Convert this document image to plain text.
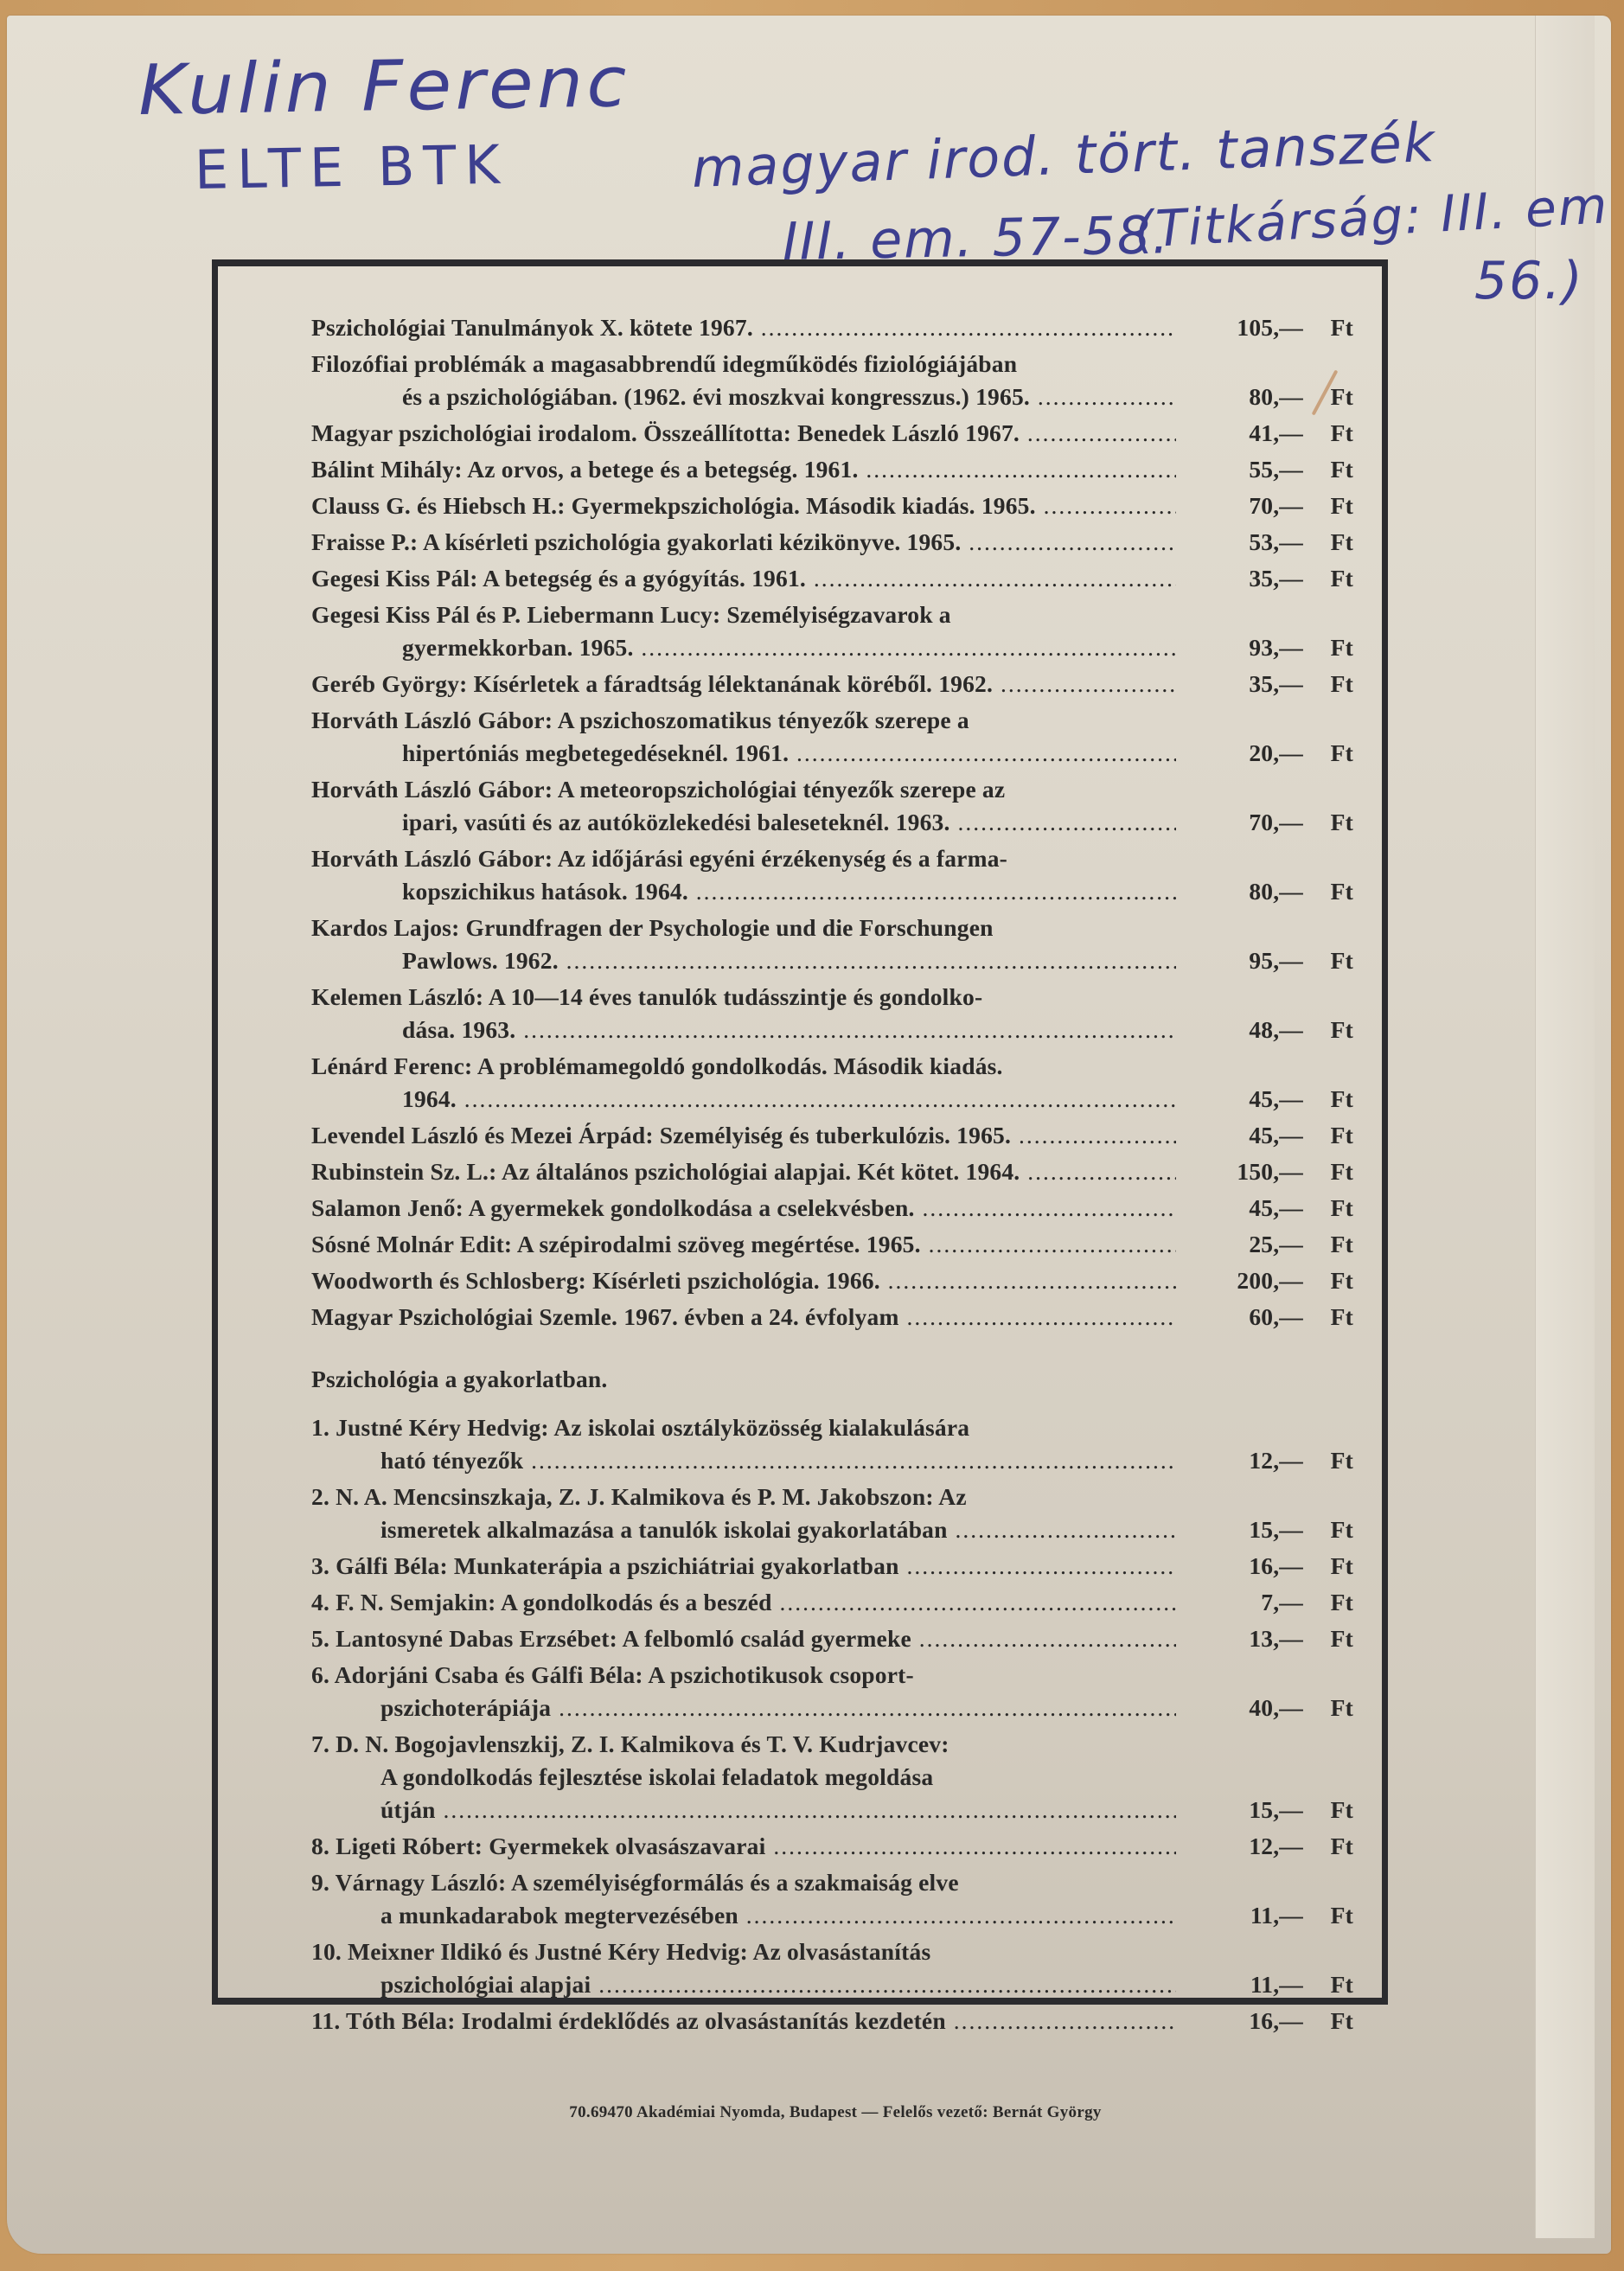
Kulin Ferenc
ELTE BTK	magyar irod. tört. tanszék
III. em. 57-58.
(Titkárság: III. em
56.)
Pszichológiai Tanulmányok X. kötete 1967. .....	105,—	Ft
Filozófiai problémák a magasabbrendű idegműködés fiziológiájában
és a pszichológiában. (1962. évi moszkvai kongresszus.) 1965. .....	80,—	Ft
Magyar pszichológiai irodalom. Összeállította: Benedek László 1967. .....	41,—	Ft
Bálint Mihály: Az orvos, a betege és a betegség. 1961. .....	55,—	Ft
Clauss G. és Hiebsch H.: Gyermekpszichológia. Második kiadás. 1965. .....	70,—	Ft
Fraisse P.: A kísérleti pszichológia gyakorlati kézikönyve. 1965. .....	53,—	Ft
Gegesi Kiss Pál: A betegség és a gyógyítás. 1961. .....	35,—	Ft
Gegesi Kiss Pál és P. Liebermann Lucy: Személyiségzavarok a
gyermekkorban. 1965. .....	93,—	Ft
Geréb György: Kísérletek a fáradtság lélektanának köréből. 1962. .....	35,—	Ft
Horváth László Gábor: A pszichoszomatikus tényezők szerepe a
hipertóniás megbetegedéseknél. 1961. .....	20,—	Ft
Horváth László Gábor: A meteoropszichológiai tényezők szerepe az
ipari, vasúti és az autóközlekedési baleseteknél. 1963. .....	70,—	Ft
Horváth László Gábor: Az időjárási egyéni érzékenység és a farma-
kopszichikus hatások. 1964. .....	80,—	Ft
Kardos Lajos: Grundfragen der Psychologie und die Forschungen
Pawlows. 1962. .....	95,—	Ft
Kelemen László: A 10—14 éves tanulók tudásszintje és gondolko-
dása. 1963. .....	48,—	Ft
Lénárd Ferenc: A problémamegoldó gondolkodás. Második kiadás.
1964. .....	45,—	Ft
Levendel László és Mezei Árpád: Személyiség és tuberkulózis. 1965. .....	45,—	Ft
Rubinstein Sz. L.: Az általános pszichológiai alapjai. Két kötet. 1964. .....	150,—	Ft
Salamon Jenő: A gyermekek gondolkodása a cselekvésben. .....	45,—	Ft
Sósné Molnár Edit: A szépirodalmi szöveg megértése. 1965. .....	25,—	Ft
Woodworth és Schlosberg: Kísérleti pszichológia. 1966. .....	200,—	Ft
Magyar Pszichológiai Szemle. 1967. évben a 24. évfolyam .....	60,—	Ft
Pszichológia a gyakorlatban.
1. Justné Kéry Hedvig: Az iskolai osztályközösség kialakulására
ható tényezők .....	12,—	Ft
2. N. A. Mencsinszkaja, Z. J. Kalmikova és P. M. Jakobszon: Az
ismeretek alkalmazása a tanulók iskolai gyakorlatában .....	15,—	Ft
3. Gálfi Béla: Munkaterápia a pszichiátriai gyakorlatban .....	16,—	Ft
4. F. N. Semjakin: A gondolkodás és a beszéd .....	7,—	Ft
5. Lantosyné Dabas Erzsébet: A felbomló család gyermeke .....	13,—	Ft
6. Adorjáni Csaba és Gálfi Béla: A pszichotikusok csoport-
pszichoterápiája .....	40,—	Ft
7. D. N. Bogojavlenszkij, Z. I. Kalmikova és T. V. Kudrjavcev:
A gondolkodás fejlesztése iskolai feladatok megoldása
útján .....	15,—	Ft
8. Ligeti Róbert: Gyermekek olvasászavarai .....	12,—	Ft
9. Várnagy László: A személyiségformálás és a szakmaiság elve
a munkadarabok megtervezésében .....	11,—	Ft
10. Meixner Ildikó és Justné Kéry Hedvig: Az olvasástanítás
pszichológiai alapjai .....	11,—	Ft
11. Tóth Béla: Irodalmi érdeklődés az olvasástanítás kezdetén .....	16,—	Ft
70.69470 Akadémiai Nyomda, Budapest — Felelős vezető: Bernát György
